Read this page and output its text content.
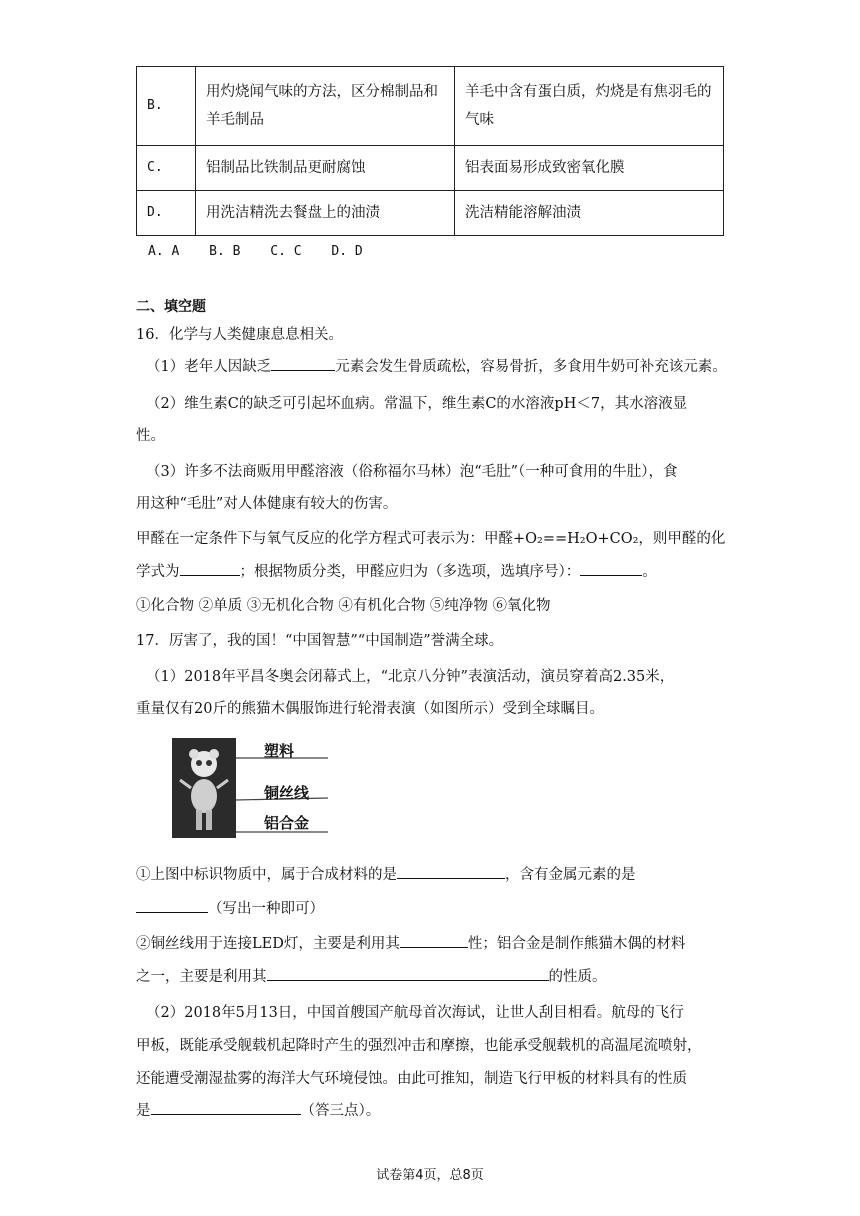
B.	用灼烧闻气味的方法，区分棉制品和羊毛制品	羊毛中含有蛋白质，灼烧是有焦羽毛的气味
C.	铝制品比铁制品更耐腐蚀	铝表面易形成致密氧化膜
D.	用洗洁精洗去餐盘上的油渍	洗洁精能溶解油渍
A. A B. B C. C D. D
二、填空题
16．化学与人类健康息息相关。
（1）老年人因缺乏	元素会发生骨质疏松，容易骨折，多食用牛奶可补充该元素。
（2）维生素C的缺乏可引起坏血病。常温下，维生素C的水溶液pH＜7，其水溶液显
性。
（3）许多不法商贩用甲醛溶液（俗称福尔马林）泡“毛肚”（一种可食用的牛肚），食
用这种“毛肚”对人体健康有较大的伤害。
甲醛在一定条件下与氧气反应的化学方程式可表示为：甲醛+O₂==H₂O+CO₂，则甲醛的化
学式为	；根据物质分类，甲醛应归为（多选项，选填序号）：	。
①化合物 ②单质 ③无机化合物 ④有机化合物 ⑤纯净物 ⑥氧化物
17．厉害了，我的国！“中国智慧”“中国制造”誉满全球。
（1）2018年平昌冬奥会闭幕式上，“北京八分钟”表演活动，演员穿着高2.35米，
重量仅有20斤的熊猫木偶服饰进行轮滑表演（如图所示）受到全球瞩目。
塑料
铜丝线
铝合金
①上图中标识物质中，属于合成材料的是	，含有金属元素的是
（写出一种即可）
②铜丝线用于连接LED灯，主要是利用其	性；铝合金是制作熊猫木偶的材料
之一，主要是利用其	的性质。
（2）2018年5月13日，中国首艘国产航母首次海试，让世人刮目相看。航母的飞行
甲板，既能承受舰载机起降时产生的强烈冲击和摩擦，也能承受舰载机的高温尾流喷射，
还能遭受潮湿盐雾的海洋大气环境侵蚀。由此可推知，制造飞行甲板的材料具有的性质
是	（答三点）。
试卷第4页，总8页
